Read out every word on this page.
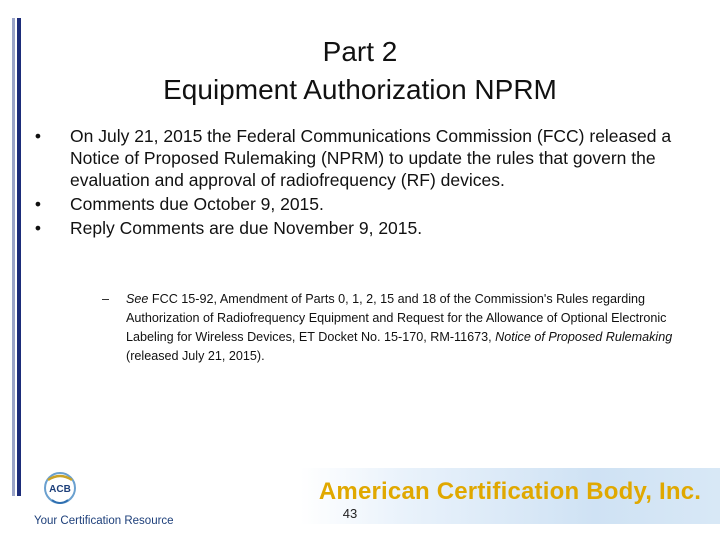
Part 2
Equipment Authorization NPRM
•	On July 21, 2015 the Federal Communications Commission (FCC) released a Notice of Proposed Rulemaking (NPRM) to update the rules that govern the evaluation and approval of radiofrequency (RF) devices.
•	Comments due October 9, 2015.
•	Reply Comments are due November 9, 2015.
–	See FCC 15-92, Amendment of Parts 0, 1, 2, 15 and 18 of the Commission's Rules regarding Authorization of Radiofrequency Equipment and Request for the Allowance of Optional Electronic Labeling for Wireless Devices, ET Docket No. 15-170, RM-11673, Notice of Proposed Rulemaking (released July 21, 2015).
ACB
Your Certification Resource
American Certification Body, Inc.
43
